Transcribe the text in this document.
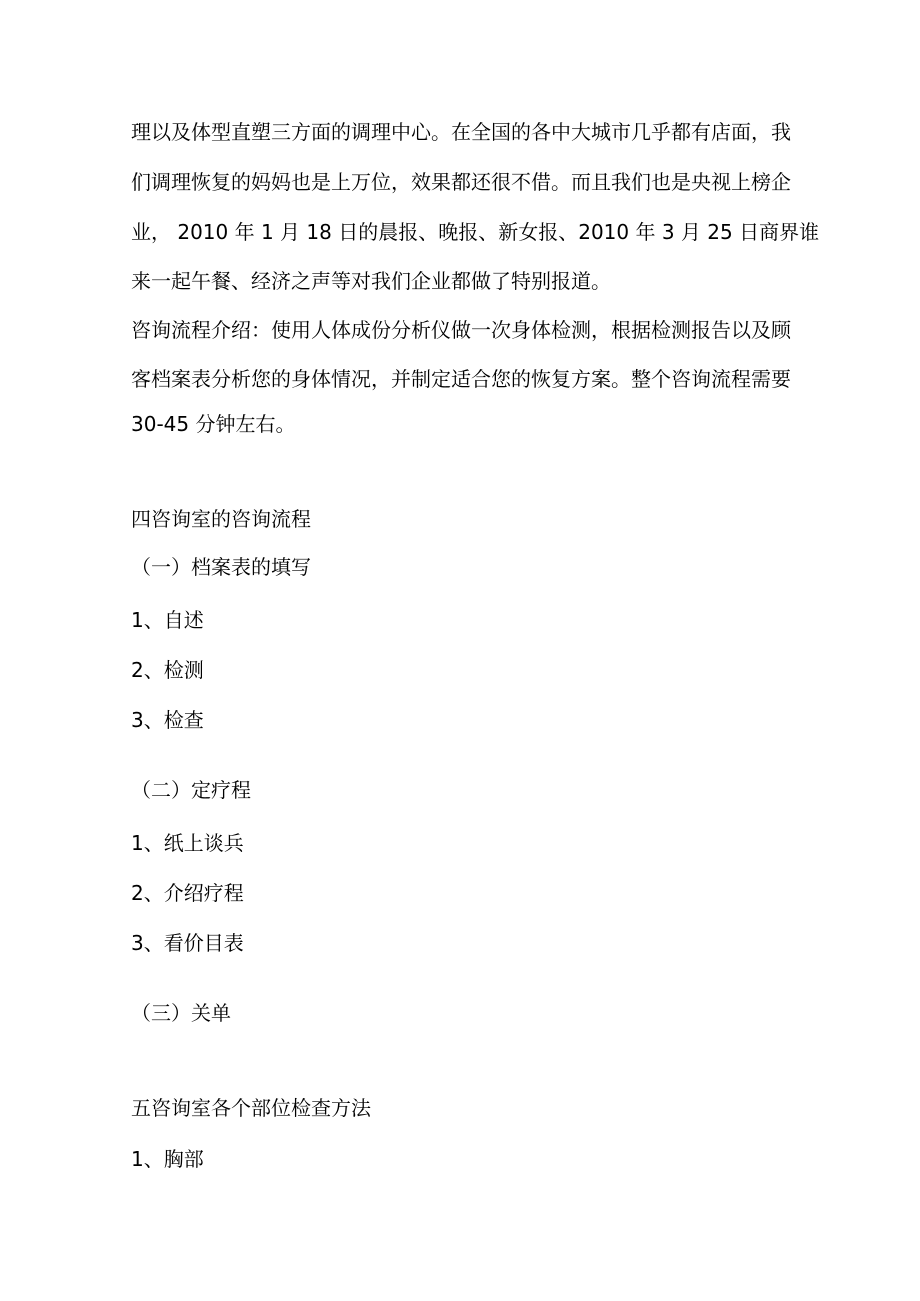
理以及体型直塑三方面的调理中心。在全国的各中大城市几乎都有店面，我

们调理恢复的妈妈也是上万位，效果都还很不借。而且我们也是央视上榜企

业， 2010 年 1 月 18 日的晨报、晚报、新女报、2010 年 3 月 25 日商界谁

来一起午餐、经济之声等对我们企业都做了特别报道。

咨询流程介绍：使用人体成份分析仪做一次身体检测，根据检测报告以及顾

客档案表分析您的身体情况，并制定适合您的恢复方案。整个咨询流程需要

30-45 分钟左右。

四咨询室的咨询流程

（一）档案表的填写

1、自述

2、检测

3、检查

（二）定疗程

1、纸上谈兵

2、介绍疗程

3、看价目表

（三）关单

五咨询室各个部位检查方法

1、胸部
